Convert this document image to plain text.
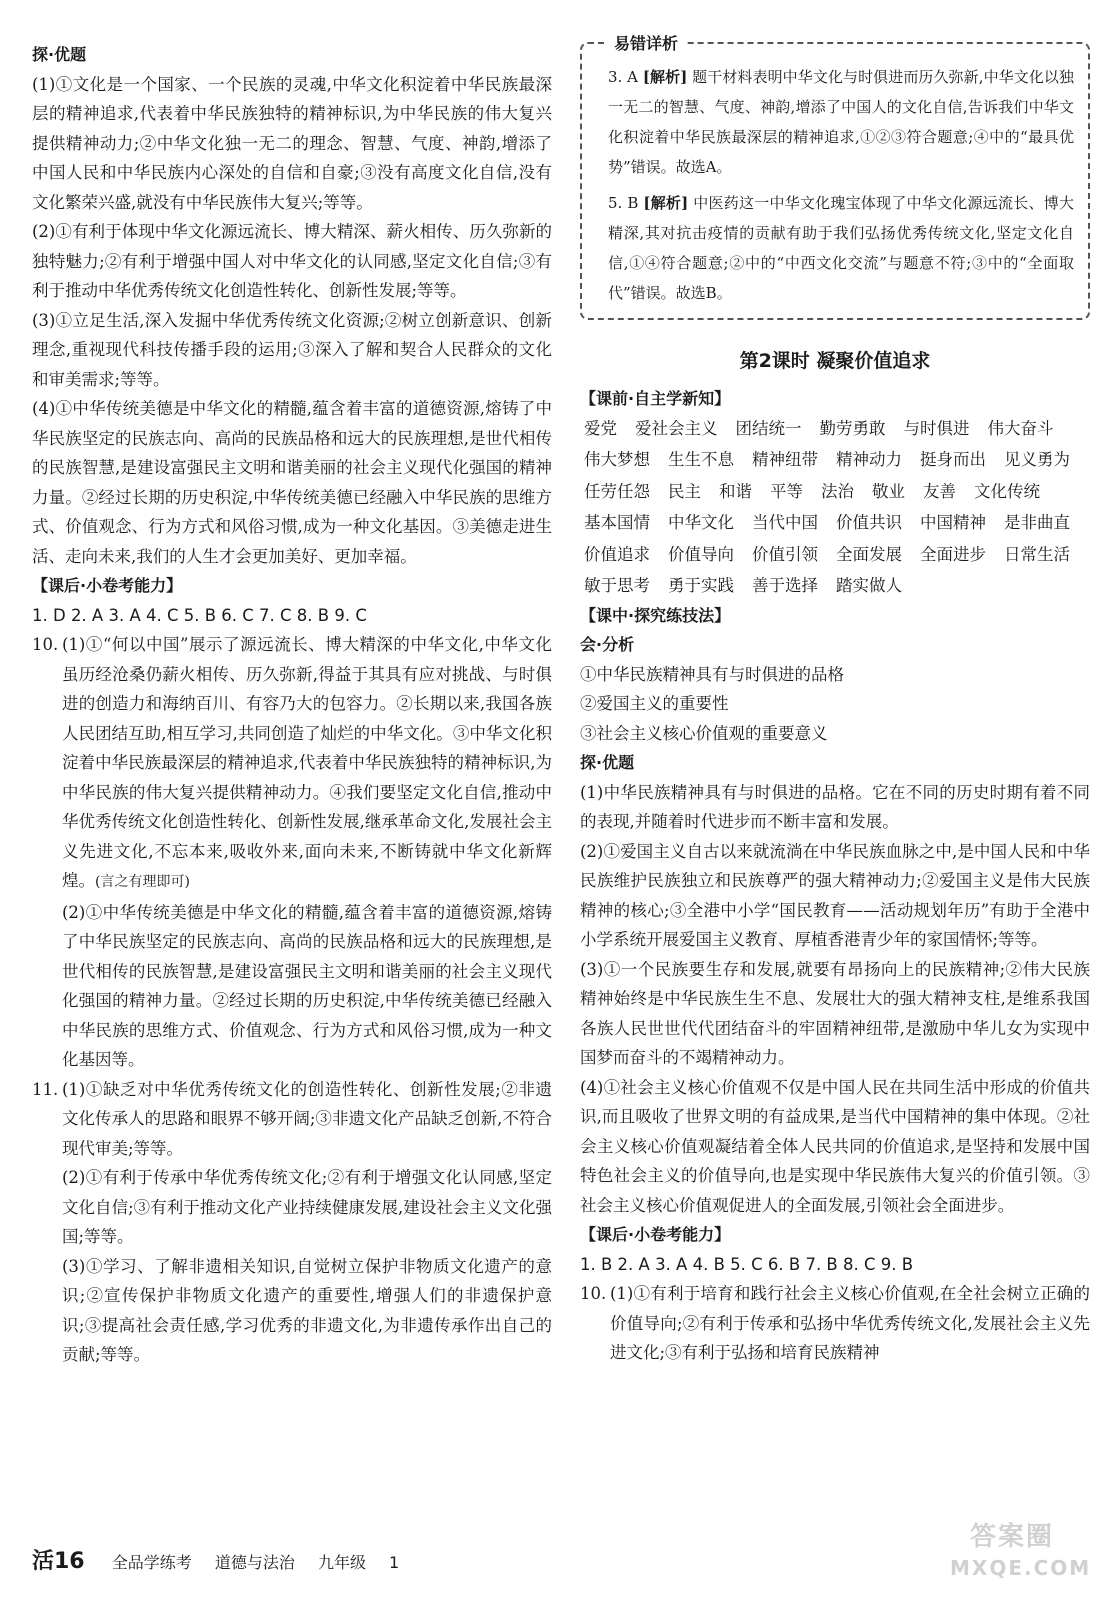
探·优题

(1)①文化是一个国家、一个民族的灵魂,中华文化积淀着中华民族最深层的精神追求,代表着中华民族独特的精神标识,为中华民族的伟大复兴提供精神动力;②中华文化独一无二的理念、智慧、气度、神韵,增添了中国人民和中华民族内心深处的自信和自豪;③没有高度文化自信,没有文化繁荣兴盛,就没有中华民族伟大复兴;等等。

(2)①有利于体现中华文化源远流长、博大精深、薪火相传、历久弥新的独特魅力;②有利于增强中国人对中华文化的认同感,坚定文化自信;③有利于推动中华优秀传统文化创造性转化、创新性发展;等等。

(3)①立足生活,深入发掘中华优秀传统文化资源;②树立创新意识、创新理念,重视现代科技传播手段的运用;③深入了解和契合人民群众的文化和审美需求;等等。

(4)①中华传统美德是中华文化的精髓,蕴含着丰富的道德资源,熔铸了中华民族坚定的民族志向、高尚的民族品格和远大的民族理想,是世代相传的民族智慧,是建设富强民主文明和谐美丽的社会主义现代化强国的精神力量。②经过长期的历史积淀,中华传统美德已经融入中华民族的思维方式、价值观念、行为方式和风俗习惯,成为一种文化基因。③美德走进生活、走向未来,我们的人生才会更加美好、更加幸福。

【课后·小卷考能力】

1. D 2. A 3. A 4. C 5. B 6. C 7. C 8. B 9. C

10. (1)①“何以中国”展示了源远流长、博大精深的中华文化,中华文化虽历经沧桑仍薪火相传、历久弥新,得益于其具有应对挑战、与时俱进的创造力和海纳百川、有容乃大的包容力。②长期以来,我国各族人民团结互助,相互学习,共同创造了灿烂的中华文化。③中华文化积淀着中华民族最深层的精神追求,代表着中华民族独特的精神标识,为中华民族的伟大复兴提供精神动力。④我们要坚定文化自信,推动中华优秀传统文化创造性转化、创新性发展,继承革命文化,发展社会主义先进文化,不忘本来,吸收外来,面向未来,不断铸就中华文化新辉煌。(言之有理即可)

(2)①中华传统美德是中华文化的精髓,蕴含着丰富的道德资源,熔铸了中华民族坚定的民族志向、高尚的民族品格和远大的民族理想,是世代相传的民族智慧,是建设富强民主文明和谐美丽的社会主义现代化强国的精神力量。②经过长期的历史积淀,中华传统美德已经融入中华民族的思维方式、价值观念、行为方式和风俗习惯,成为一种文化基因等。

11. (1)①缺乏对中华优秀传统文化的创造性转化、创新性发展;②非遗文化传承人的思路和眼界不够开阔;③非遗文化产品缺乏创新,不符合现代审美;等等。

(2)①有利于传承中华优秀传统文化;②有利于增强文化认同感,坚定文化自信;③有利于推动文化产业持续健康发展,建设社会主义文化强国;等等。

(3)①学习、了解非遗相关知识,自觉树立保护非物质文化遗产的意识;②宣传保护非物质文化遗产的重要性,增强人们的非遗保护意识;③提高社会责任感,学习优秀的非遗文化,为非遗传承作出自己的贡献;等等。

易错详析

3. A [解析] 题干材料表明中华文化与时俱进而历久弥新,中华文化以独一无二的智慧、气度、神韵,增添了中国人的文化自信,告诉我们中华文化积淀着中华民族最深层的精神追求,①②③符合题意;④中的“最具优势”错误。故选A。

5. B [解析] 中医药这一中华文化瑰宝体现了中华文化源远流长、博大精深,其对抗击疫情的贡献有助于我们弘扬优秀传统文化,坚定文化自信,①④符合题意;②中的“中西文化交流”与题意不符;③中的“全面取代”错误。故选B。

第2课时 凝聚价值追求

【课前·自主学新知】

爱党 爱社会主义 团结统一 勤劳勇敢 与时俱进 伟大奋斗
伟大梦想 生生不息 精神纽带 精神动力 挺身而出 见义勇为
任劳任怨 民主 和谐 平等 法治 敬业 友善 文化传统
基本国情 中华文化 当代中国 价值共识 中国精神 是非曲直
价值追求 价值导向 价值引领 全面发展 全面进步 日常生活
敏于思考 勇于实践 善于选择 踏实做人

【课中·探究练技法】

会·分析

①中华民族精神具有与时俱进的品格

②爱国主义的重要性

③社会主义核心价值观的重要意义

探·优题

(1)中华民族精神具有与时俱进的品格。它在不同的历史时期有着不同的表现,并随着时代进步而不断丰富和发展。

(2)①爱国主义自古以来就流淌在中华民族血脉之中,是中国人民和中华民族维护民族独立和民族尊严的强大精神动力;②爱国主义是伟大民族精神的核心;③全港中小学“国民教育——活动规划年历”有助于全港中小学系统开展爱国主义教育、厚植香港青少年的家国情怀;等等。

(3)①一个民族要生存和发展,就要有昂扬向上的民族精神;②伟大民族精神始终是中华民族生生不息、发展壮大的强大精神支柱,是维系我国各族人民世世代代团结奋斗的牢固精神纽带,是激励中华儿女为实现中国梦而奋斗的不竭精神动力。

(4)①社会主义核心价值观不仅是中国人民在共同生活中形成的价值共识,而且吸收了世界文明的有益成果,是当代中国精神的集中体现。②社会主义核心价值观凝结着全体人民共同的价值追求,是坚持和发展中国特色社会主义的价值导向,也是实现中华民族伟大复兴的价值引领。③社会主义核心价值观促进人的全面发展,引领社会全面进步。

【课后·小卷考能力】

1. B 2. A 3. A 4. B 5. C 6. B 7. B 8. C 9. B

10. (1)①有利于培育和践行社会主义核心价值观,在全社会树立正确的价值导向;②有利于传承和弘扬中华优秀传统文化,发展社会主义先进文化;③有利于弘扬和培育民族精神

活16 全品学练考 道德与法治 九年级 1
答案圈
MXQE.COM
